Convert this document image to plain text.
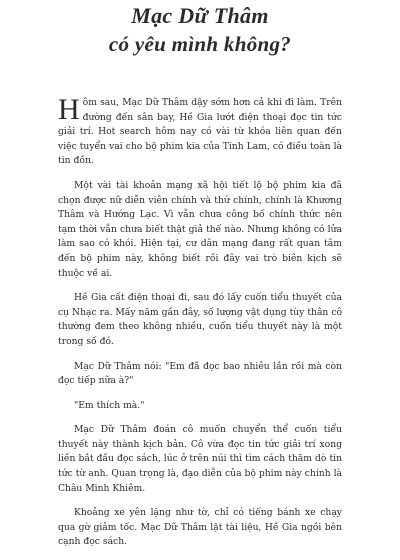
Mạc Dữ Thâm
có yêu mình không?

Hôm sau, Mạc Dữ Thâm dậy sớm hơn cả khi đi làm. Trên đường đến sân bay, Hề Gia lướt điện thoại đọc tin tức giải trí. Hot search hôm nay có vài từ khóa liên quan đến việc tuyển vai cho bộ phim kia của Tinh Lam, có điều toàn là tin đồn.

Một vài tài khoản mạng xã hội tiết lộ bộ phim kia đã chọn được nữ diễn viên chính và thứ chính, chính là Khương Thâm và Hướng Lạc. Vì vẫn chưa công bố chính thức nên tạm thời vẫn chưa biết thật giả thế nào. Nhưng không có lửa làm sao có khói. Hiện tại, cư dân mạng đang rất quan tâm đến bộ phim này, không biết rồi đây vai trò biên kịch sẽ thuộc về ai.

Hề Gia cất điện thoại đi, sau đó lấy cuốn tiểu thuyết của cụ Nhạc ra. Mấy năm gần đây, số lượng vật dụng tùy thân cô thường đem theo không nhiều, cuốn tiểu thuyết này là một trong số đó.

Mạc Dữ Thâm nói: "Em đã đọc bao nhiêu lần rồi mà còn đọc tiếp nữa à?"

"Em thích mà."

Mạc Dữ Thâm đoán cô muốn chuyển thể cuốn tiểu thuyết này thành kịch bản. Cô vừa đọc tin tức giải trí xong liền bắt đầu đọc sách, lúc ở trên núi thì tìm cách thăm dò tin tức từ anh. Quan trọng là, đạo diễn của bộ phim này chính là Châu Minh Khiêm.

Khoảng xe yên lặng như tờ, chỉ có tiếng bánh xe chạy qua gờ giảm tốc. Mạc Dữ Thâm lật tài liệu, Hề Gia ngồi bên cạnh đọc sách.
